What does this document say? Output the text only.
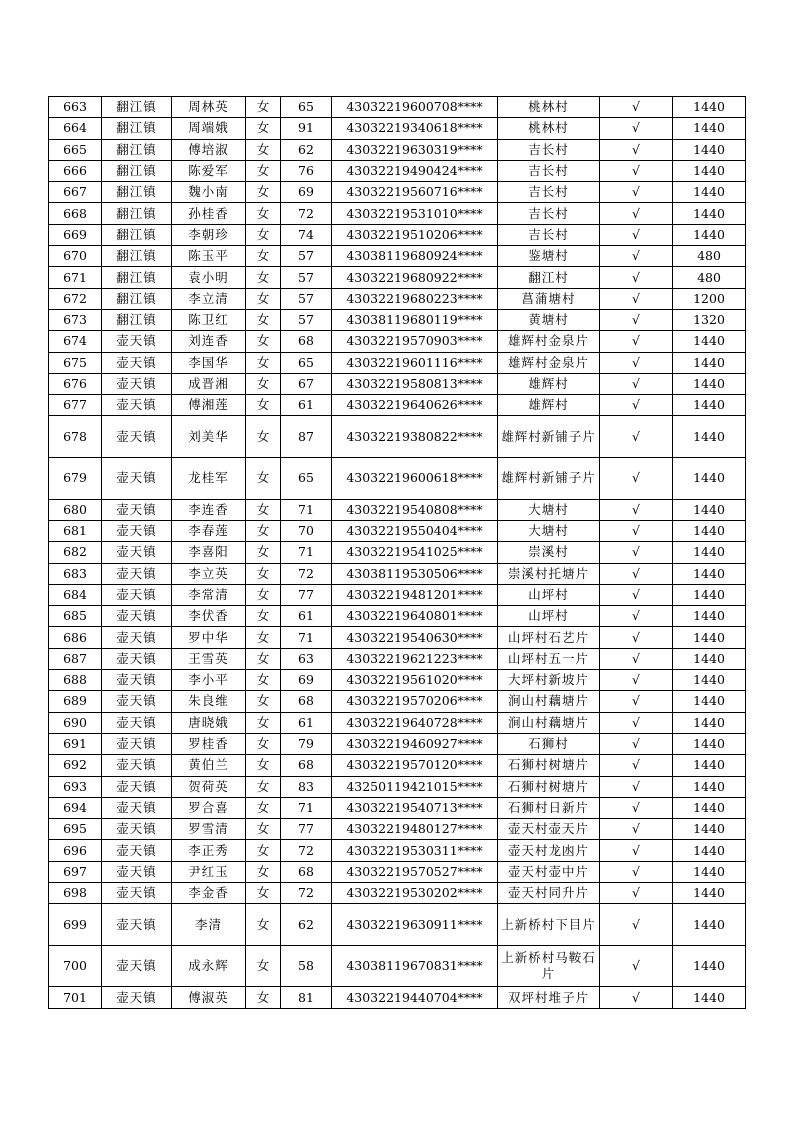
663	翻江镇	周林英	女	65	43032219600708****	桃林村	√	1440
664	翻江镇	周端娥	女	91	43032219340618****	桃林村	√	1440
665	翻江镇	傅培淑	女	62	43032219630319****	吉长村	√	1440
666	翻江镇	陈爱军	女	76	43032219490424****	吉长村	√	1440
667	翻江镇	魏小南	女	69	43032219560716****	吉长村	√	1440
668	翻江镇	孙桂香	女	72	43032219531010****	吉长村	√	1440
669	翻江镇	李朝珍	女	74	43032219510206****	吉长村	√	1440
670	翻江镇	陈玉平	女	57	43038119680924****	鉴塘村	√	480
671	翻江镇	袁小明	女	57	43032219680922****	翻江村	√	480
672	翻江镇	李立清	女	57	43032219680223****	菖蒲塘村	√	1200
673	翻江镇	陈卫红	女	57	43038119680119****	黄塘村	√	1320
674	壶天镇	刘连香	女	68	43032219570903****	雄辉村金泉片	√	1440
675	壶天镇	李国华	女	65	43032219601116****	雄辉村金泉片	√	1440
676	壶天镇	成晋湘	女	67	43032219580813****	雄辉村	√	1440
677	壶天镇	傅湘莲	女	61	43032219640626****	雄辉村	√	1440
678	壶天镇	刘美华	女	87	43032219380822****	雄辉村新铺子片	√	1440
679	壶天镇	龙桂军	女	65	43032219600618****	雄辉村新铺子片	√	1440
680	壶天镇	李连香	女	71	43032219540808****	大塘村	√	1440
681	壶天镇	李春莲	女	70	43032219550404****	大塘村	√	1440
682	壶天镇	李喜阳	女	71	43032219541025****	崇溪村	√	1440
683	壶天镇	李立英	女	72	43038119530506****	崇溪村托塘片	√	1440
684	壶天镇	李常清	女	77	43032219481201****	山坪村	√	1440
685	壶天镇	李伏香	女	61	43032219640801****	山坪村	√	1440
686	壶天镇	罗中华	女	71	43032219540630****	山坪村石艺片	√	1440
687	壶天镇	王雪英	女	63	43032219621223****	山坪村五一片	√	1440
688	壶天镇	李小平	女	69	43032219561020****	大坪村新坡片	√	1440
689	壶天镇	朱良维	女	68	43032219570206****	涧山村藕塘片	√	1440
690	壶天镇	唐晓娥	女	61	43032219640728****	涧山村藕塘片	√	1440
691	壶天镇	罗桂香	女	79	43032219460927****	石狮村	√	1440
692	壶天镇	黄伯兰	女	68	43032219570120****	石狮村树塘片	√	1440
693	壶天镇	贺荷英	女	83	43250119421015****	石狮村树塘片	√	1440
694	壶天镇	罗合喜	女	71	43032219540713****	石狮村日新片	√	1440
695	壶天镇	罗雪清	女	77	43032219480127****	壶天村壶天片	√	1440
696	壶天镇	李正秀	女	72	43032219530311****	壶天村龙凼片	√	1440
697	壶天镇	尹红玉	女	68	43032219570527****	壶天村壶中片	√	1440
698	壶天镇	李金香	女	72	43032219530202****	壶天村同升片	√	1440
699	壶天镇	李清	女	62	43032219630911****	上新桥村下目片	√	1440
700	壶天镇	成永辉	女	58	43038119670831****	上新桥村马鞍石片	√	1440
701	壶天镇	傅淑英	女	81	43032219440704****	双坪村堆子片	√	1440
